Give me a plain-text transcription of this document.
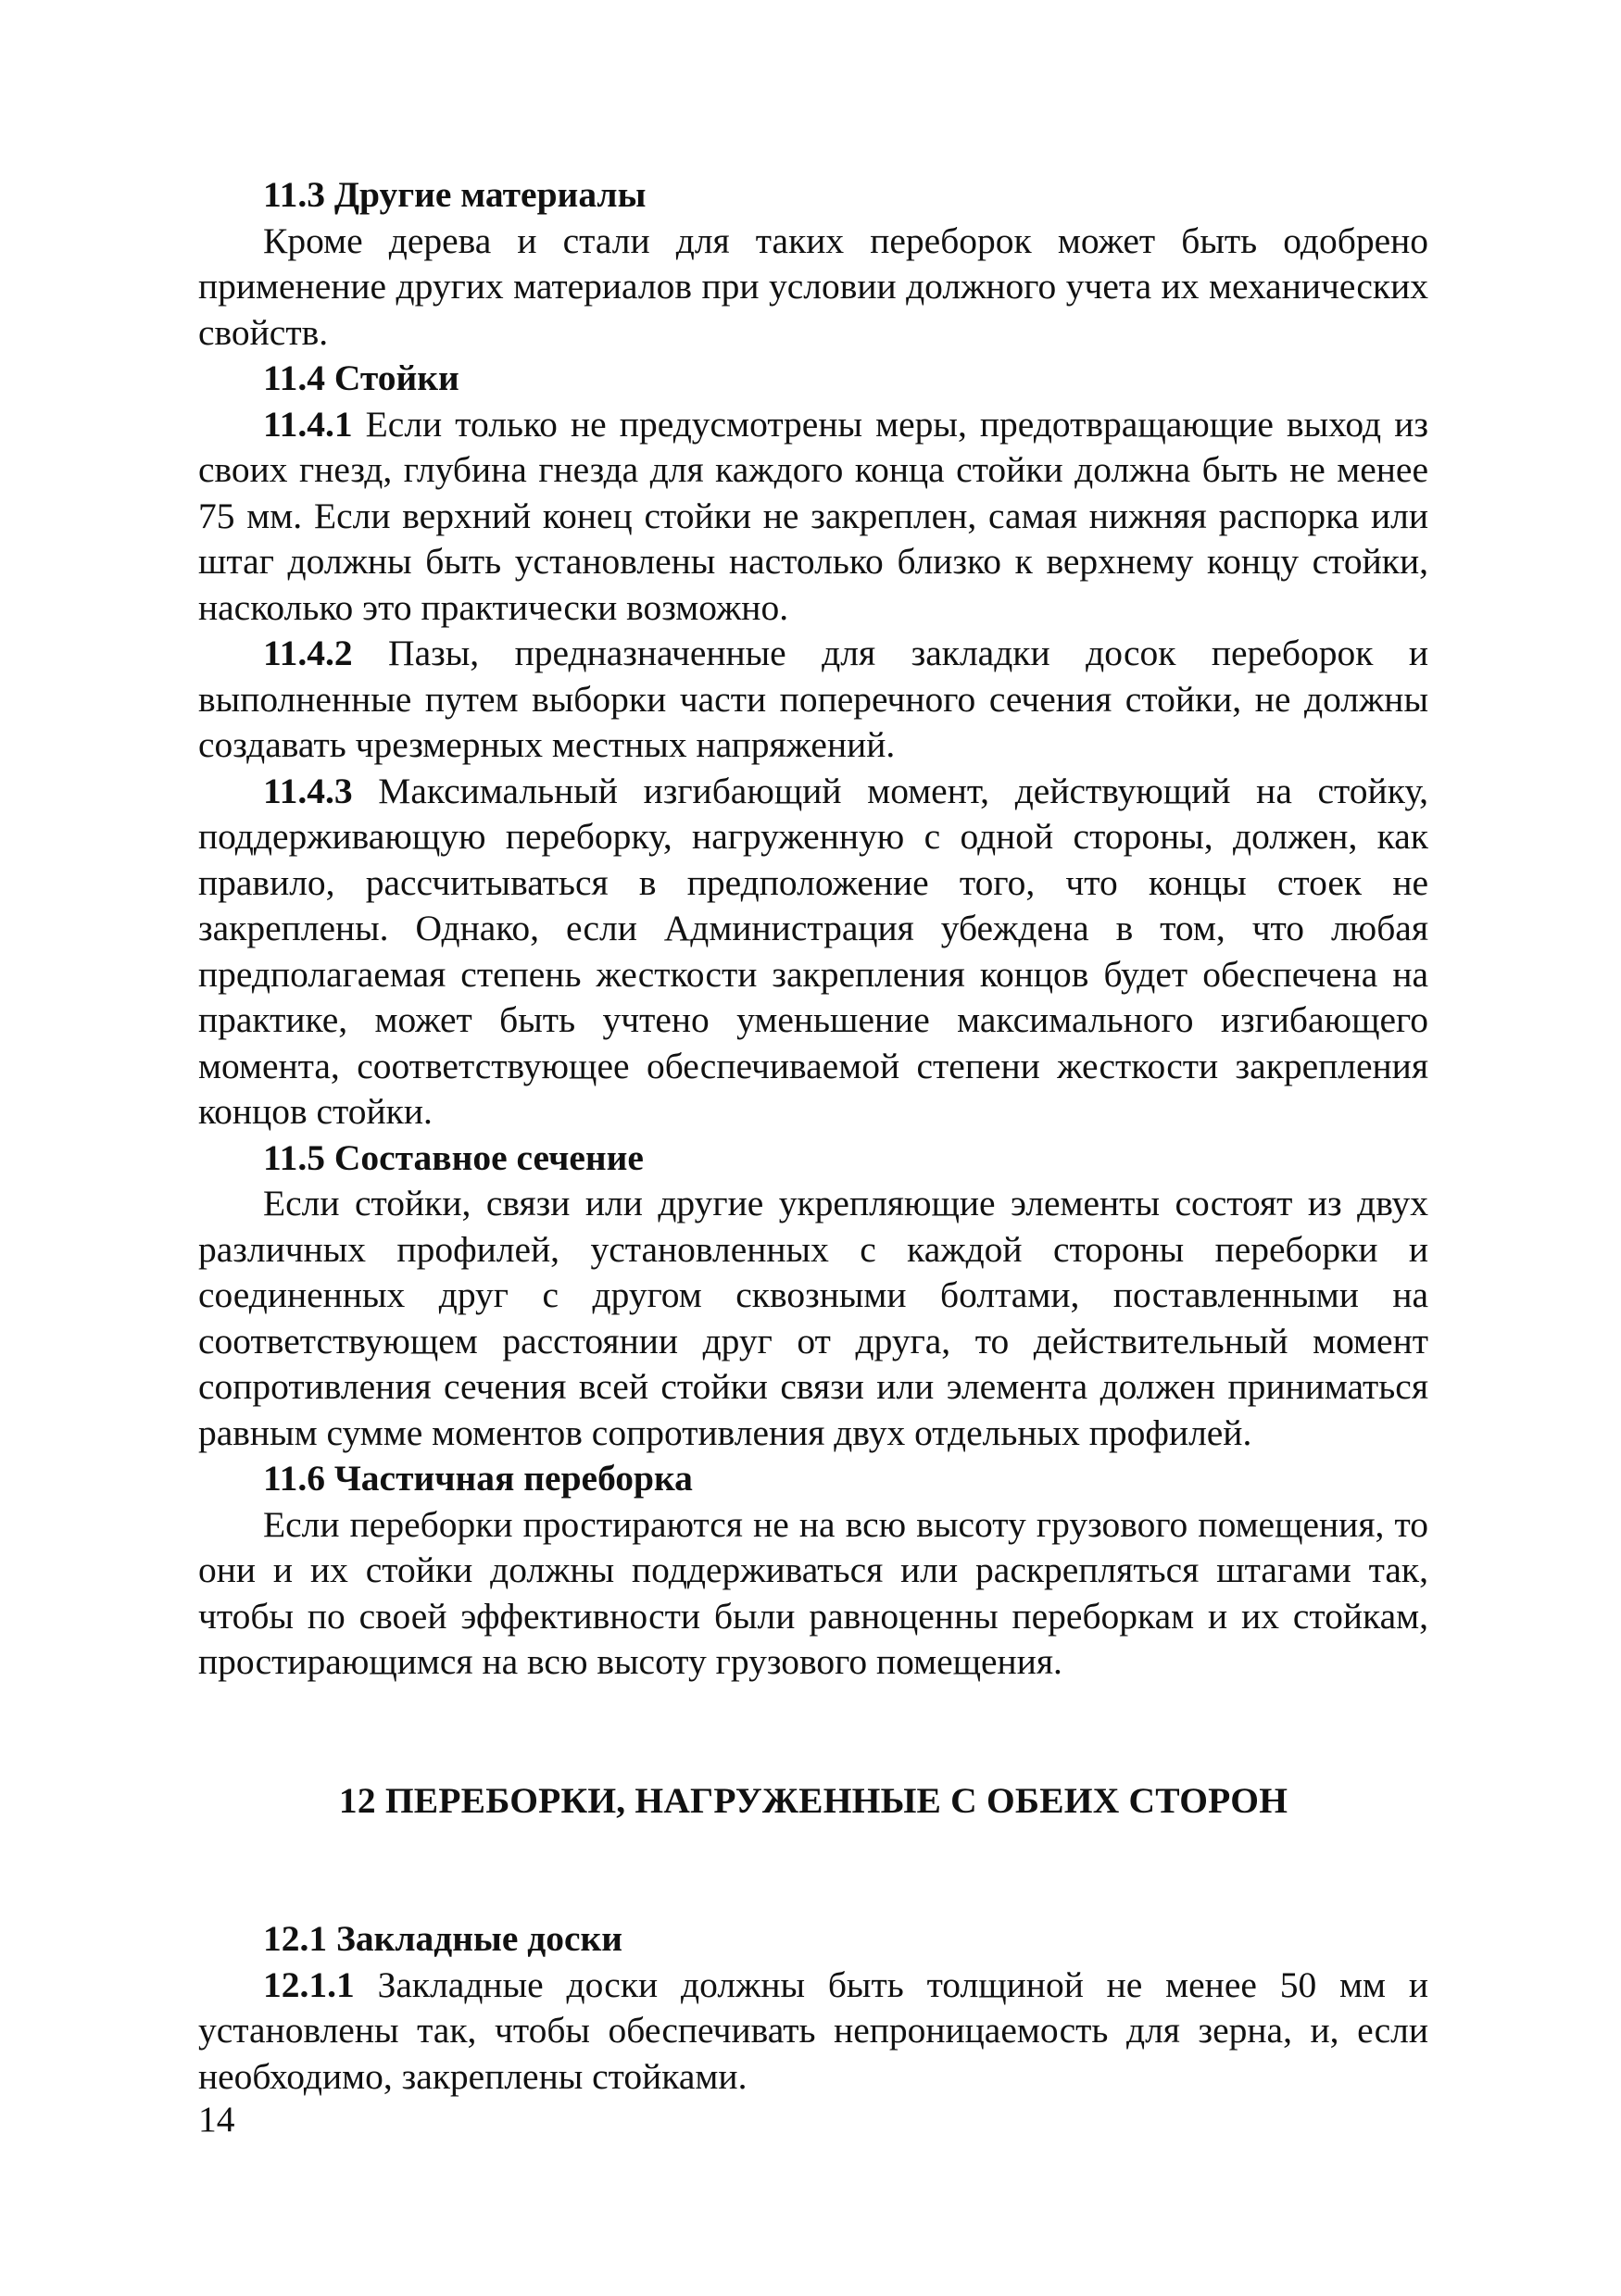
11.3 Другие материалы

Кроме дерева и стали для таких переборок может быть одобрено применение других материалов при условии должного учета их механических свойств.

11.4 Стойки

11.4.1 Если только не предусмотрены меры, предотвращающие выход из своих гнезд, глубина гнезда для каждого конца стойки должна быть не менее 75 мм. Если верхний конец стойки не закреплен, самая нижняя распорка или штаг должны быть установлены настолько близко к верхнему концу стойки, насколько это практически возможно.

11.4.2 Пазы, предназначенные для закладки досок переборок и выполненные путем выборки части поперечного сечения стойки, не должны создавать чрезмерных местных напряжений.

11.4.3 Максимальный изгибающий момент, действующий на стойку, поддерживающую переборку, нагруженную с одной стороны, должен, как правило, рассчитываться в предположение того, что концы стоек не закреплены. Однако, если Администрация убеждена в том, что любая предполагаемая степень жесткости закрепления концов будет обеспечена на практике, может быть учтено уменьшение максимального изгибающего момента, соответствующее обеспечиваемой степени жесткости закрепления концов стойки.

11.5 Составное сечение

Если стойки, связи или другие укрепляющие элементы состоят из двух различных профилей, установленных с каждой стороны переборки и соединенных друг с другом сквозными болтами, поставленными на соответствующем расстоянии друг от друга, то действительный момент сопротивления сечения всей стойки связи или элемента должен приниматься равным сумме моментов сопротивления двух отдельных профилей.

11.6 Частичная переборка

Если переборки простираются не на всю высоту грузового помещения, то они и их стойки должны поддерживаться или раскрепляться штагами так, чтобы по своей эффективности были равноценны переборкам и их стойкам, простирающимся на всю высоту грузового помещения.

12 ПЕРЕБОРКИ, НАГРУЖЕННЫЕ С ОБЕИХ СТОРОН

12.1 Закладные доски

12.1.1 Закладные доски должны быть толщиной не менее 50 мм и установлены так, чтобы обеспечивать непроницаемость для зерна, и, если необходимо, закреплены стойками.

14
